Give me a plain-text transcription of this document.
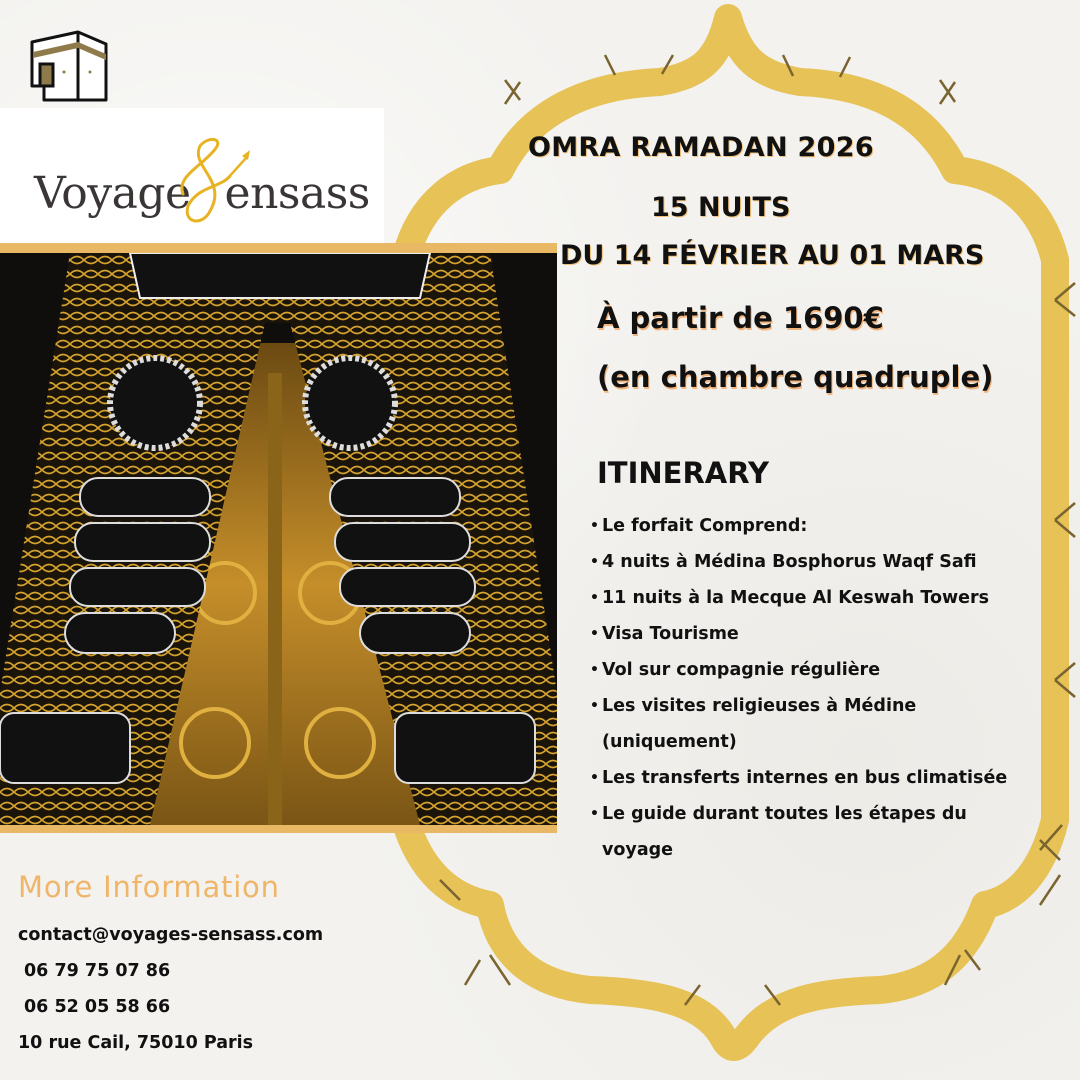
Voyage ensass
OMRA RAMADAN 2026
15 NUITS
DU 14 FÉVRIER AU 01 MARS
À partir de 1690€
(en chambre quadruple)
ITINERARY
• Le forfait Comprend:
• 4 nuits à Médina Bosphorus Waqf Safi
• 11 nuits à la Mecque Al Keswah Towers
• Visa Tourisme
• Vol sur compagnie régulière
• Les visites religieuses à Médine (uniquement)
• Les transferts internes en bus climatisée
• Le guide durant toutes les étapes du voyage
More Information
contact@voyages-sensass.com
06 79 75 07 86
06 52 05 58 66
10 rue Cail, 75010 Paris
